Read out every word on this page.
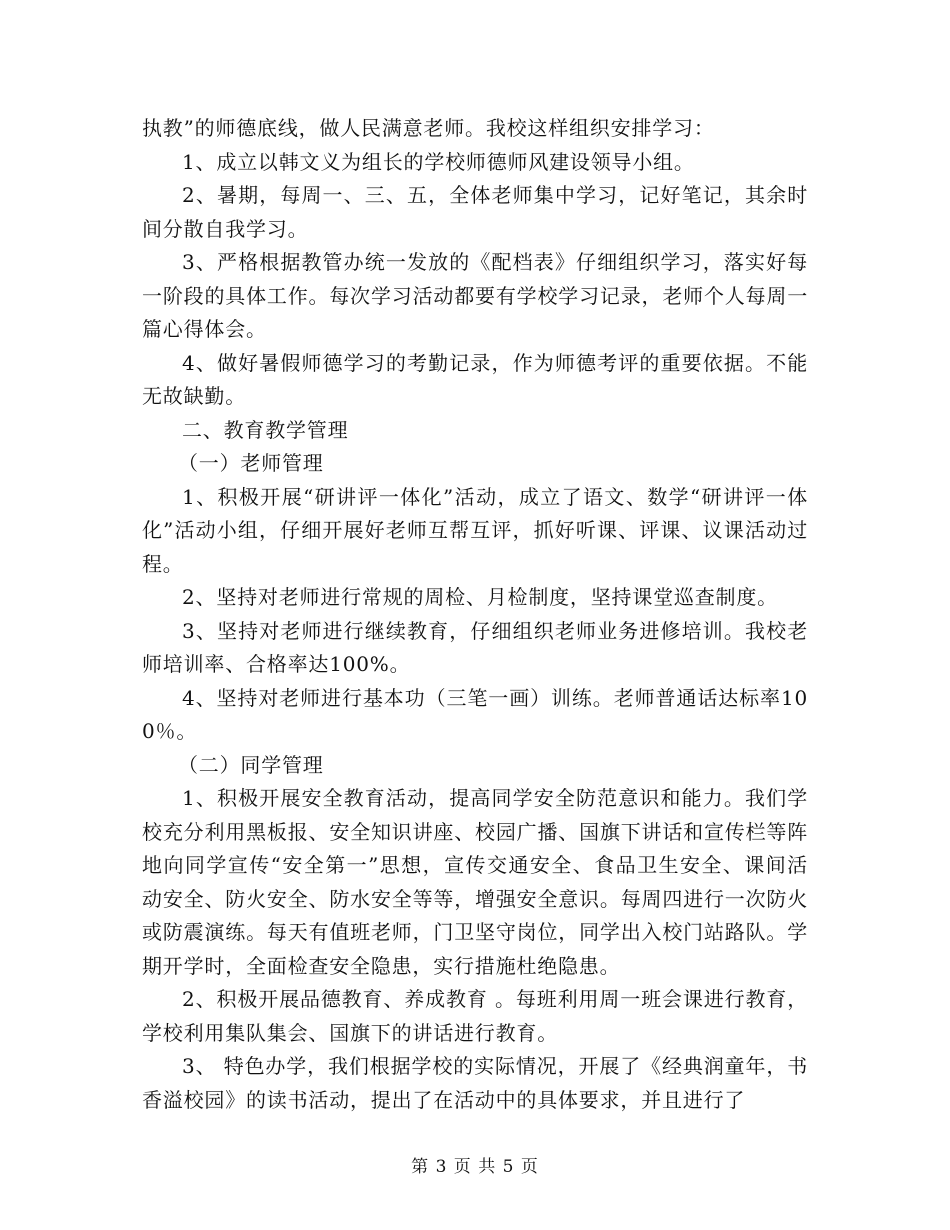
执教”的师德底线，做人民满意老师。我校这样组织安排学习：

1、成立以韩文义为组长的学校师德师风建设领导小组。

2、暑期，每周一、三、五，全体老师集中学习，记好笔记，其余时间分散自我学习。

3、严格根据教管办统一发放的《配档表》仔细组织学习，落实好每一阶段的具体工作。每次学习活动都要有学校学习记录，老师个人每周一篇心得体会。

4、做好暑假师德学习的考勤记录，作为师德考评的重要依据。不能无故缺勤。

二、教育教学管理

（一）老师管理

1、积极开展“研讲评一体化”活动，成立了语文、数学“研讲评一体化”活动小组，仔细开展好老师互帮互评，抓好听课、评课、议课活动过程。

2、坚持对老师进行常规的周检、月检制度，坚持课堂巡查制度。

3、坚持对老师进行继续教育，仔细组织老师业务进修培训。我校老师培训率、合格率达100%。

4、坚持对老师进行基本功（三笔一画）训练。老师普通话达标率100％。

（二）同学管理

1、积极开展安全教育活动，提高同学安全防范意识和能力。我们学校充分利用黑板报、安全知识讲座、校园广播、国旗下讲话和宣传栏等阵地向同学宣传“安全第一”思想，宣传交通安全、食品卫生安全、课间活动安全、防火安全、防水安全等等，增强安全意识。每周四进行一次防火或防震演练。每天有值班老师，门卫坚守岗位，同学出入校门站路队。学期开学时，全面检查安全隐患，实行措施杜绝隐患。

2、积极开展品德教育、养成教育 。每班利用周一班会课进行教育，学校利用集队集会、国旗下的讲话进行教育。

3、 特色办学，我们根据学校的实际情况，开展了《经典润童年，书香溢校园》的读书活动，提出了在活动中的具体要求，并且进行了

第 3 页 共 5 页
